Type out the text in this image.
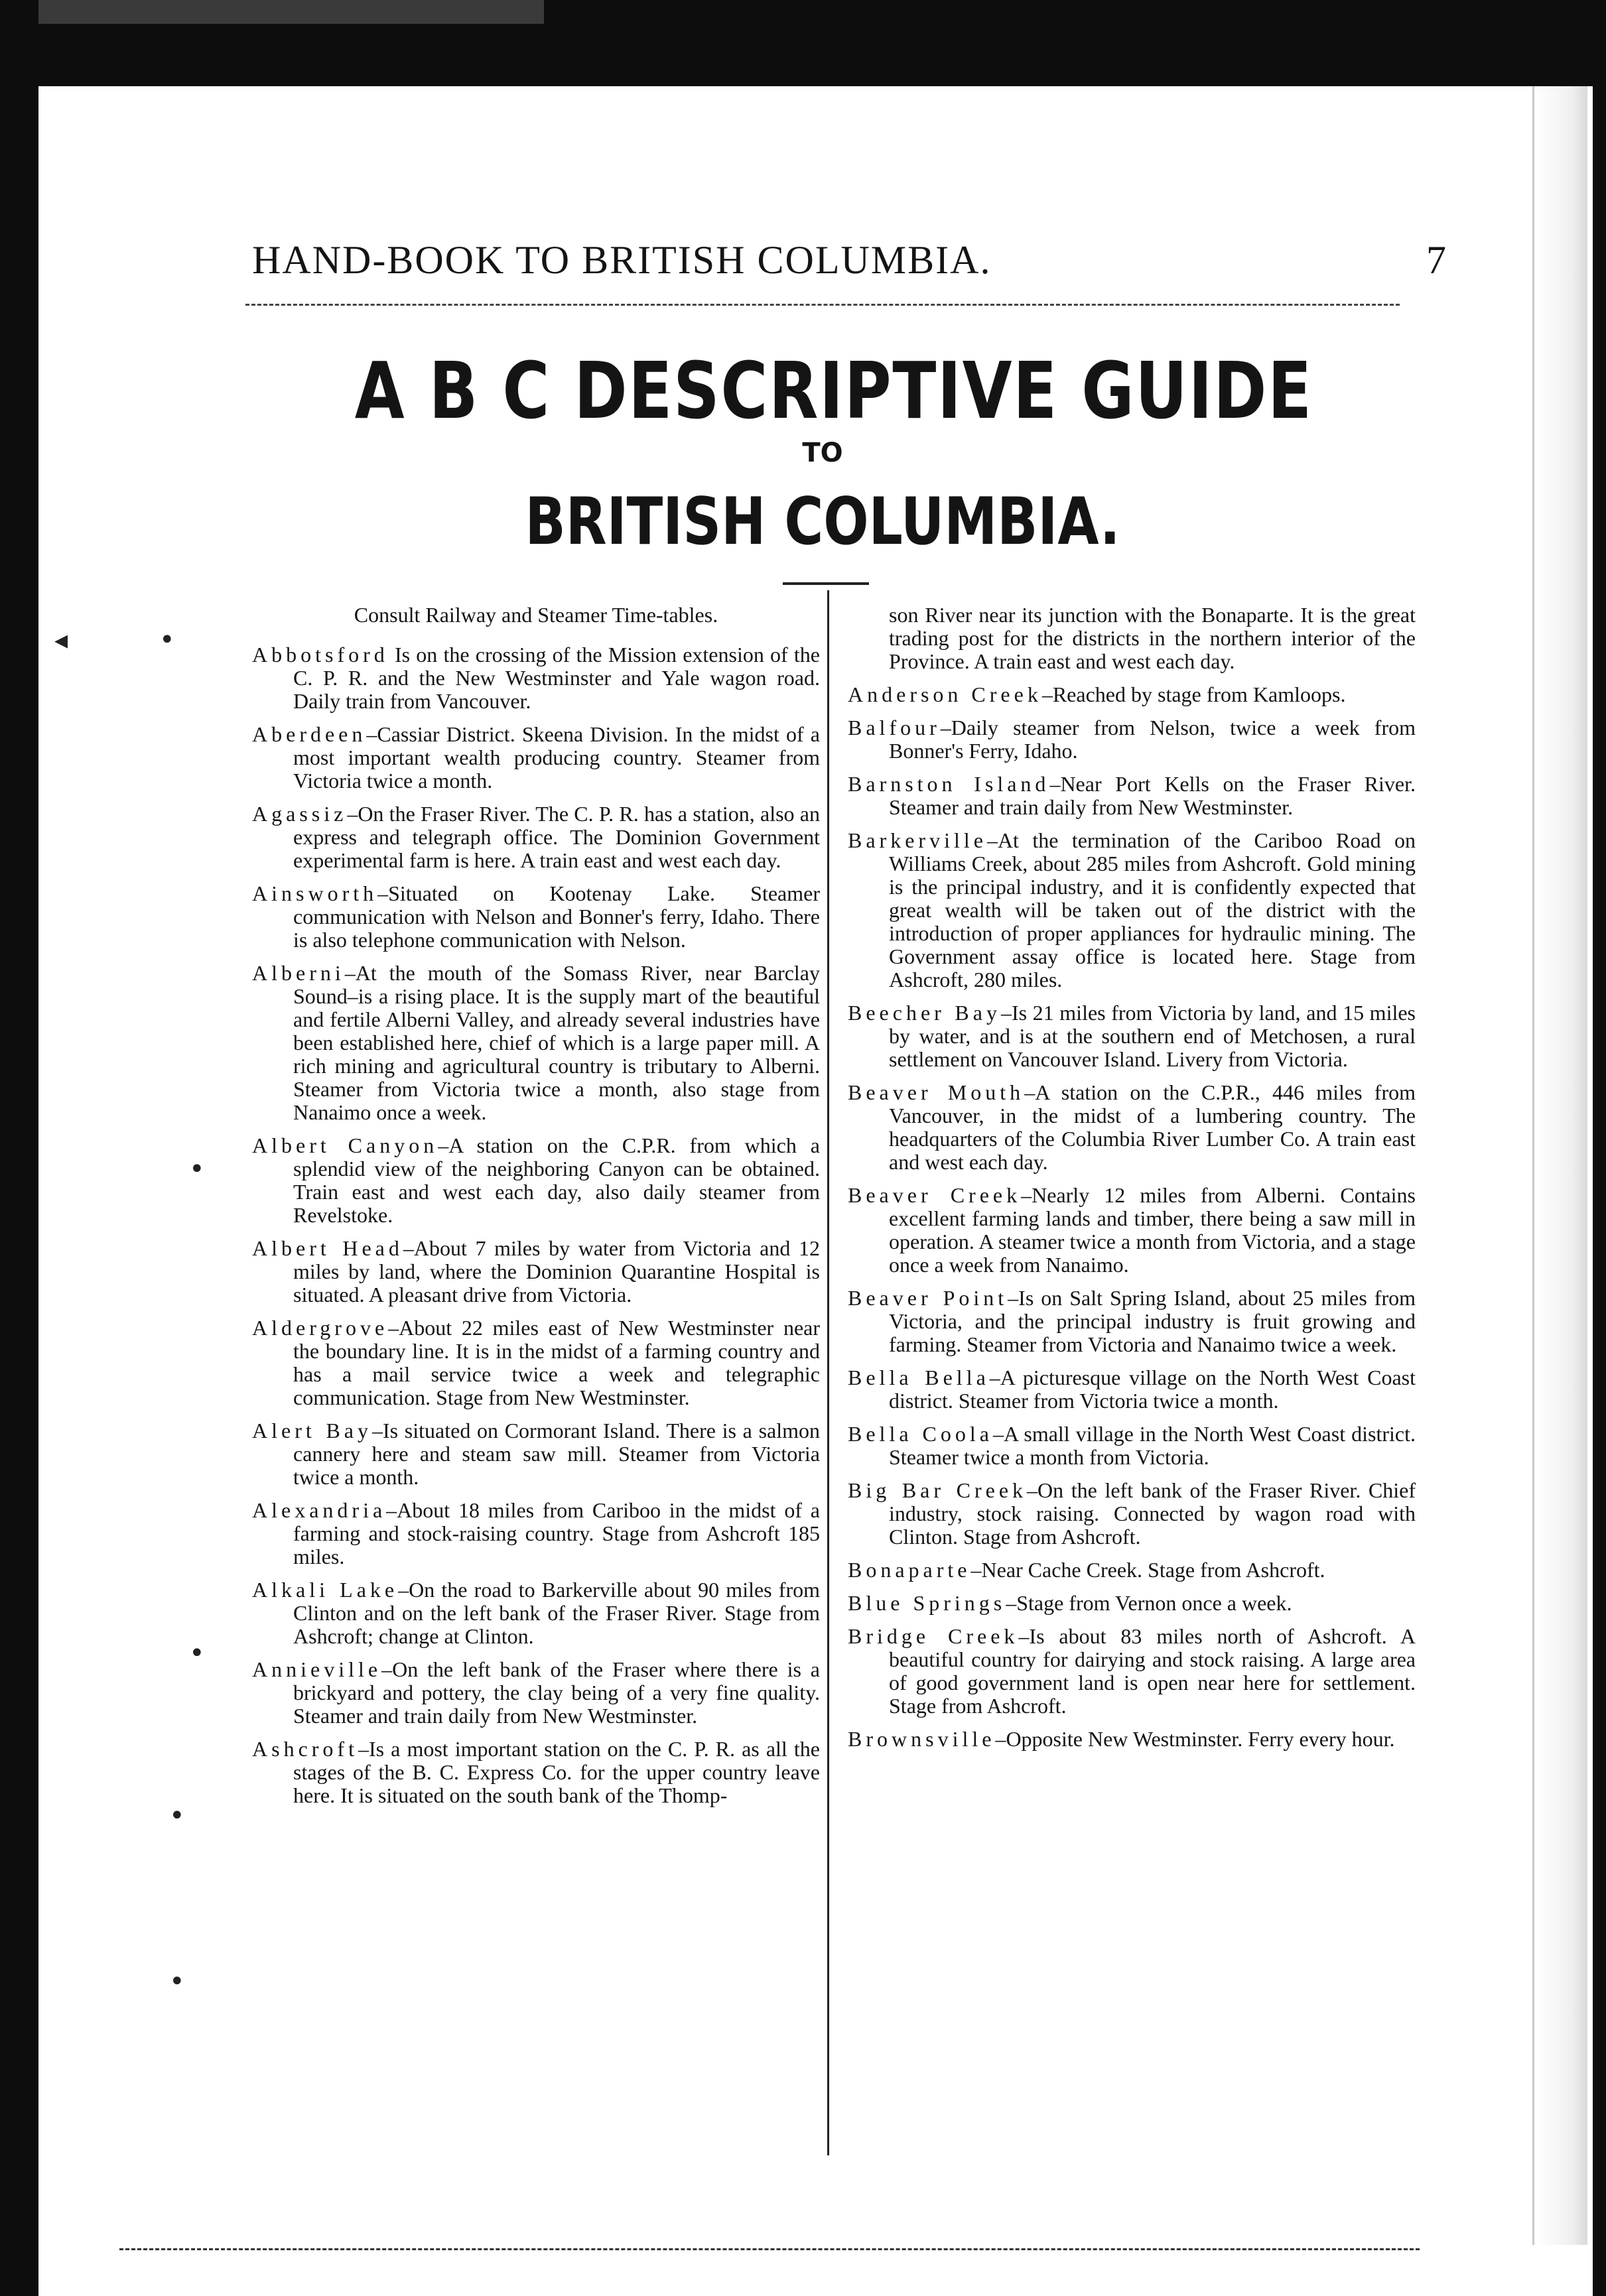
HAND-BOOK TO BRITISH COLUMBIA.	7
A B C DESCRIPTIVE GUIDE
TO
BRITISH COLUMBIA.

Consult Railway and Steamer Time-tables.

Abbotsford Is on the crossing of the Mission extension of the C. P. R. and the New Westminster and Yale wagon road. Daily train from Vancouver.

Aberdeen–Cassiar District. Skeena Division. In the midst of a most important wealth producing country. Steamer from Victoria twice a month.

Agassiz–On the Fraser River. The C. P. R. has a station, also an express and telegraph office. The Dominion Government experimental farm is here. A train east and west each day.

Ainsworth–Situated on Kootenay Lake. Steamer communication with Nelson and Bonner's ferry, Idaho. There is also telephone communication with Nelson.

Alberni–At the mouth of the Somass River, near Barclay Sound–is a rising place. It is the supply mart of the beautiful and fertile Alberni Valley, and already several industries have been established here, chief of which is a large paper mill. A rich mining and agricultural country is tributary to Alberni. Steamer from Victoria twice a month, also stage from Nanaimo once a week.

Albert Canyon–A station on the C.P.R. from which a splendid view of the neighboring Canyon can be obtained. Train east and west each day, also daily steamer from Revelstoke.

Albert Head–About 7 miles by water from Victoria and 12 miles by land, where the Dominion Quarantine Hospital is situated. A pleasant drive from Victoria.

Aldergrove–About 22 miles east of New Westminster near the boundary line. It is in the midst of a farming country and has a mail service twice a week and telegraphic communication. Stage from New Westminster.

Alert Bay–Is situated on Cormorant Island. There is a salmon cannery here and steam saw mill. Steamer from Victoria twice a month.

Alexandria–About 18 miles from Cariboo in the midst of a farming and stock-raising country. Stage from Ashcroft 185 miles.

Alkali Lake–On the road to Barkerville about 90 miles from Clinton and on the left bank of the Fraser River. Stage from Ashcroft; change at Clinton.

Annieville–On the left bank of the Fraser where there is a brickyard and pottery, the clay being of a very fine quality. Steamer and train daily from New Westminster.

Ashcroft–Is a most important station on the C. P. R. as all the stages of the B. C. Express Co. for the upper country leave here. It is situated on the south bank of the Thomp-

son River near its junction with the Bonaparte. It is the great trading post for the districts in the northern interior of the Province. A train east and west each day.

Anderson Creek–Reached by stage from Kamloops.

Balfour–Daily steamer from Nelson, twice a week from Bonner's Ferry, Idaho.

Barnston Island–Near Port Kells on the Fraser River. Steamer and train daily from New Westminster.

Barkerville–At the termination of the Cariboo Road on Williams Creek, about 285 miles from Ashcroft. Gold mining is the principal industry, and it is confidently expected that great wealth will be taken out of the district with the introduction of proper appliances for hydraulic mining. The Government assay office is located here. Stage from Ashcroft, 280 miles.

Beecher Bay–Is 21 miles from Victoria by land, and 15 miles by water, and is at the southern end of Metchosen, a rural settlement on Vancouver Island. Livery from Victoria.

Beaver Mouth–A station on the C.P.R., 446 miles from Vancouver, in the midst of a lumbering country. The headquarters of the Columbia River Lumber Co. A train east and west each day.

Beaver Creek–Nearly 12 miles from Alberni. Contains excellent farming lands and timber, there being a saw mill in operation. A steamer twice a month from Victoria, and a stage once a week from Nanaimo.

Beaver Point–Is on Salt Spring Island, about 25 miles from Victoria, and the principal industry is fruit growing and farming. Steamer from Victoria and Nanaimo twice a week.

Bella Bella–A picturesque village on the North West Coast district. Steamer from Victoria twice a month.

Bella Coola–A small village in the North West Coast district. Steamer twice a month from Victoria.

Big Bar Creek–On the left bank of the Fraser River. Chief industry, stock raising. Connected by wagon road with Clinton. Stage from Ashcroft.

Bonaparte–Near Cache Creek. Stage from Ashcroft.

Blue Springs–Stage from Vernon once a week.

Bridge Creek–Is about 83 miles north of Ashcroft. A beautiful country for dairying and stock raising. A large area of good government land is open near here for settlement. Stage from Ashcroft.

Brownsville–Opposite New Westminster. Ferry every hour.

◂	•
•
•
•
•
